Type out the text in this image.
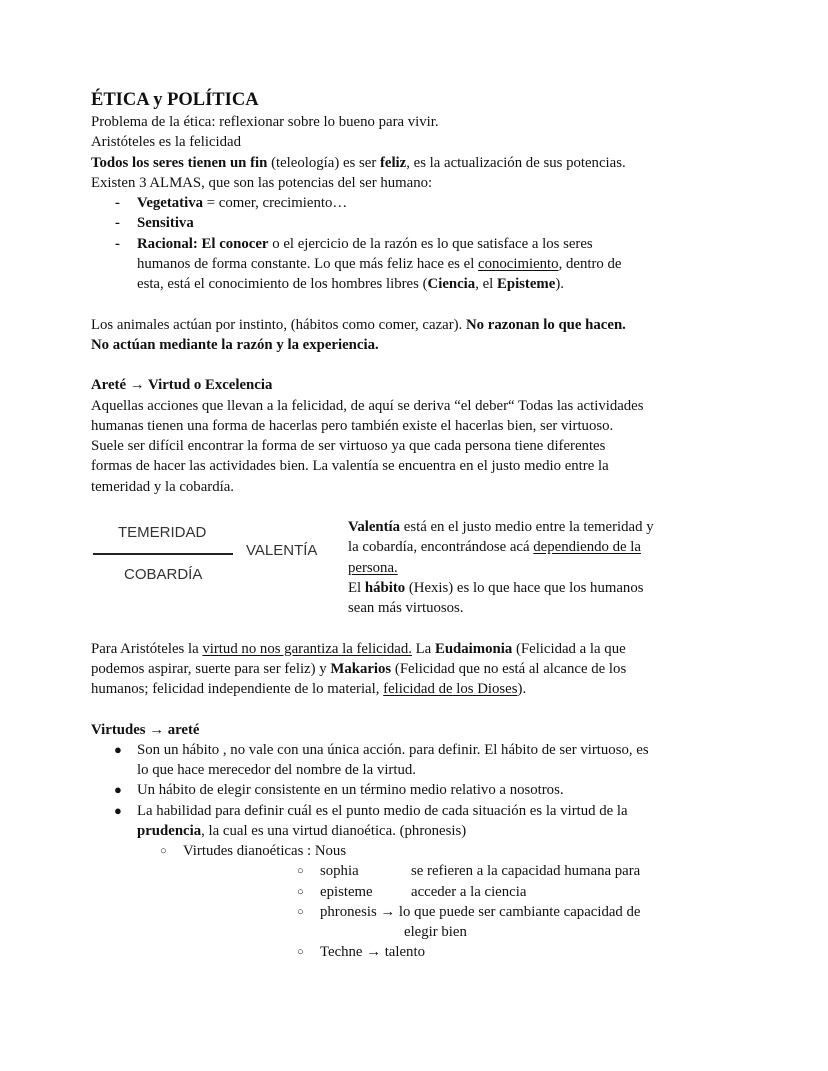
ÉTICA y POLÍTICA
TEMERIDAD
COBARDÍA
VALENTÍA
Problema de la ética: reflexionar sobre lo bueno para vivir.
Aristóteles es la felicidad
Todos los seres tienen un fin (teleología) es ser feliz, es la actualización de sus potencias.
Existen 3 ALMAS, que son las potencias del ser humano:
- Vegetativa = comer, crecimiento…
- Sensitiva
- Racional: El conocer o el ejercicio de la razón es lo que satisface a los seres
humanos de forma constante. Lo que más feliz hace es el conocimiento, dentro de
esta, está el conocimiento de los hombres libres (Ciencia, el Episteme).
Los animales actúan por instinto, (hábitos como comer, cazar). No razonan lo que hacen.
No actúan mediante la razón y la experiencia.
Areté → Virtud o Excelencia
Aquellas acciones que llevan a la felicidad, de aquí se deriva “el deber“ Todas las actividades
humanas tienen una forma de hacerlas pero también existe el hacerlas bien, ser virtuoso.
Suele ser difícil encontrar la forma de ser virtuoso ya que cada persona tiene diferentes
formas de hacer las actividades bien. La valentía se encuentra en el justo medio entre la
temeridad y la cobardía.
Valentía está en el justo medio entre la temeridad y
la cobardía, encontrándose acá dependiendo de la
persona.
El hábito (Hexis) es lo que hace que los humanos
sean más virtuosos.
Para Aristóteles la virtud no nos garantiza la felicidad. La Eudaimonia (Felicidad a la que
podemos aspirar, suerte para ser feliz) y Makarios (Felicidad que no está al alcance de los
humanos; felicidad independiente de lo material, felicidad de los Dioses).
Virtudes → areté
● Son un hábito , no vale con una única acción. para definir. El hábito de ser virtuoso, es
lo que hace merecedor del nombre de la virtud.
● Un hábito de elegir consistente en un término medio relativo a nosotros.
● La habilidad para definir cuál es el punto medio de cada situación es la virtud de la
prudencia, la cual es una virtud dianoética. (phronesis)
○ Virtudes dianoéticas : Nous
○ sophia	se refieren a la capacidad humana para
○ episteme	acceder a la ciencia
○ phronesis → lo que puede ser cambiante capacidad de
elegir bien
○ Techne → talento
